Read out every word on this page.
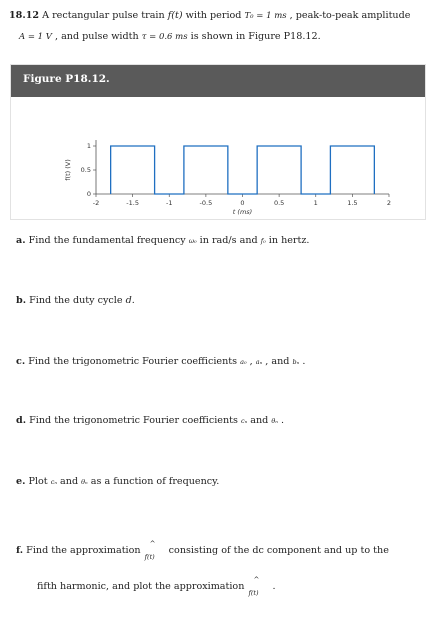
18.12 A rectangular pulse train f(t) with period T₀ = 1 ms , peak-to-peak amplitude
A = 1 V , and pulse width τ = 0.6 ms is shown in Figure P18.12.
Figure P18.12.
-2	-1.5	-1	-0.5	0	0.5	1	1.5	2
0
0.5
1
t (ms)
f(t) (V)
a. Find the fundamental frequency ω₀ in rad/s and f₀ in hertz.
b. Find the duty cycle d.
c. Find the trigonometric Fourier coefficients a₀ , aₙ , and bₙ .
d. Find the trigonometric Fourier coefficients cₙ and θₙ .
e. Plot cₙ and θₙ as a function of frequency.
f. Find the approximation
^
f(t)
consisting of the dc component and up to the
fifth harmonic, and plot the approximation
^
f(t)
.
